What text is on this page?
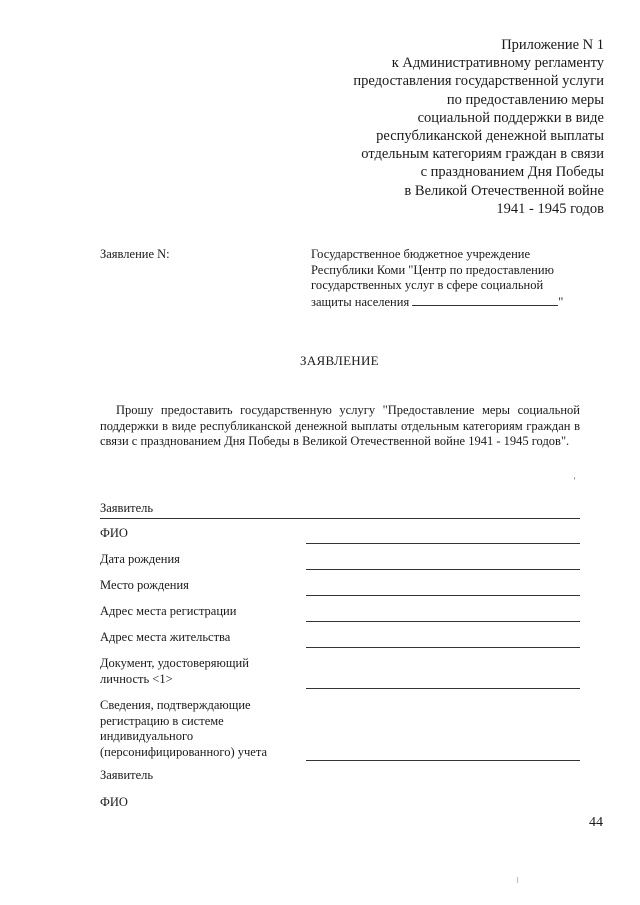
Приложение N 1
к Административному регламенту
предоставления государственной услуги
по предоставлению меры
социальной поддержки в виде
республиканской денежной выплаты
отдельным категориям граждан в связи
с празднованием Дня Победы
в Великой Отечественной войне
1941 - 1945 годов
Заявление N:	Государственное бюджетное учреждение
Республики Коми "Центр по предоставлению
государственных услуг в сфере социальной
защиты населения	"
ЗАЯВЛЕНИЕ
Прошу предоставить государственную услугу "Предоставление меры социальной поддержки в виде республиканской денежной выплаты отдельным категориям граждан в связи с празднованием Дня Победы в Великой Отечественной войне 1941 - 1945 годов".
'
Заявитель
ФИО
Дата рождения
Место рождения
Адрес места регистрации
Адрес места жительства
Документ, удостоверяющий
личность <1>
Сведения, подтверждающие
регистрацию в системе
индивидуального
(персонифицированного) учета
Заявитель
ФИО
44
